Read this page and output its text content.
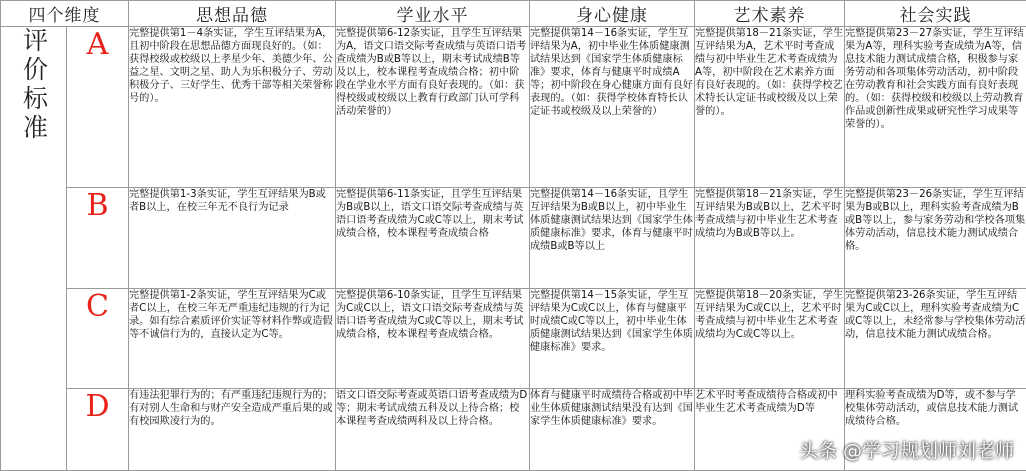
四个维度		思想品德	学业水平	身心健康	艺术素养	社会实践
评价标准	A	完整提供第1－4条实证，学生互评结果为A，且初中阶段在思想品德方面现良好的。（如：获得校级或校级以上孝星少年、美德少年、公益之星、文明之星、助人为乐积极分子、劳动积极分子、三好学生、优秀干部等相关荣誉称号的）。	完整提供第6-12条实证，且学生互评结果为A，语文口语交际考查成绩与英语口语考查成绩为B或B等以上，期末考试成绩B等及以上，校本课程考查成绩合格；初中阶段在学业水平方面有良好表现的。（如：获得校级或校级以上教育行政部门认可学科活动荣誉的）	完整提供第14－16条实证，学生互评结果为A，初中毕业生体质健康测试结果达到《国家学生体质健康标准》要求，体育与健康平时成绩A等；初中阶段在身心健康方面有良好表现的。（如：获得学校体育特长认定证书或校级及以上荣誉的）	完整提供第18－21条实证，学生互评结果为A，艺术平时考查成绩与初中毕业生艺术考查成绩为A等，初中阶段在艺术素养方面有良好表现的。（如：获得学校艺术特长认定证书或校级及以上荣誉的）。	完整提供第23－27条实证，学生互评结果为A等，理科实验考查成绩为A等，信息技术能力测试成绩合格，积极参与家务劳动和各项集体劳动活动，初中阶段在劳动教育和社会实践方面有良好表现的。（如：获得校级和校级以上劳动教育作品或创新性成果或研究性学习成果等荣誉的）。
	B	完整提供第1-3条实证，学生互评结果为B或者B以上，在校三年无不良行为记录	完整提供第6-11条实证，且学生互评结果为B或B以上，语文口语交际考查成绩与英语口语考查成绩为C或C等以上，期末考试成绩合格，校本课程考查成绩合格	完整提供第14－16条实证，且学生互评结果为B或B以上，初中毕业生体质健康测试结果达到《国家学生体质健康标准》要求，体育与健康平时成绩B或B等以上	完整提供第18－21条实证，学生互评结果为B或B以上，艺术平时考查成绩与初中毕业生艺术考查成绩均为B或B等以上。	完整提供第23－26条实证，学生互评结果为B或B以上，理科实验考查成绩为B或B等以上，参与家务劳动和学校各项集体劳动活动，信息技术能力测试成绩合格。
	C	完整提供第1-2条实证，学生互评结果为C或者C以上，在校三年无严重违纪违规的行为记录。如有综合素质评价实证等材料作弊或造假等不诚信行为的，直接认定为C等。	完整提供第6-10条实证，且学生互评结果为C或C以上，语文口语交际考查成绩与英语口语考查成绩为C或C等以上，期末考试成绩合格，校本课程考查成绩合格。	完整提供第14－15条实证，学生互评结果为C或C以上，体育与健康平时成绩C或C等以上，初中毕业生体质健康测试结果达到《国家学生体质健康标准》要求。	完整提供第18－20条实证，学生互评结果为C或C以上，艺术平时考查成绩与初中毕业生艺术考查成绩均为C或C等以上。	完整提供第23-26条实证，学生互评结果为C或C以上，理科实验考查成绩为C或C等以上，未经常参与学校集体劳动活动，信息技术能力测试成绩合格。
	D	有违法犯罪行为的；有严重违纪违规行为的；有对别人生命和与财产安全造成严重后果的或有校园欺凌行为的。	语文口语交际考查或英语口语考查成绩为D等；期末考试成绩五科及以上待合格；校本课程考查成绩两科及以上待合格。	体育与健康平时成绩待合格或初中毕业生体质健康测试结果没有达到《国家学生体质健康标准》要求。	艺术平时考查成绩待合格或初中毕业生艺术考查成绩为D等	理科实验考查成绩为D等，或不参与学校集体劳动活动，或信息技术能力测试成绩待合格。
头条 @学习规划师刘老师
